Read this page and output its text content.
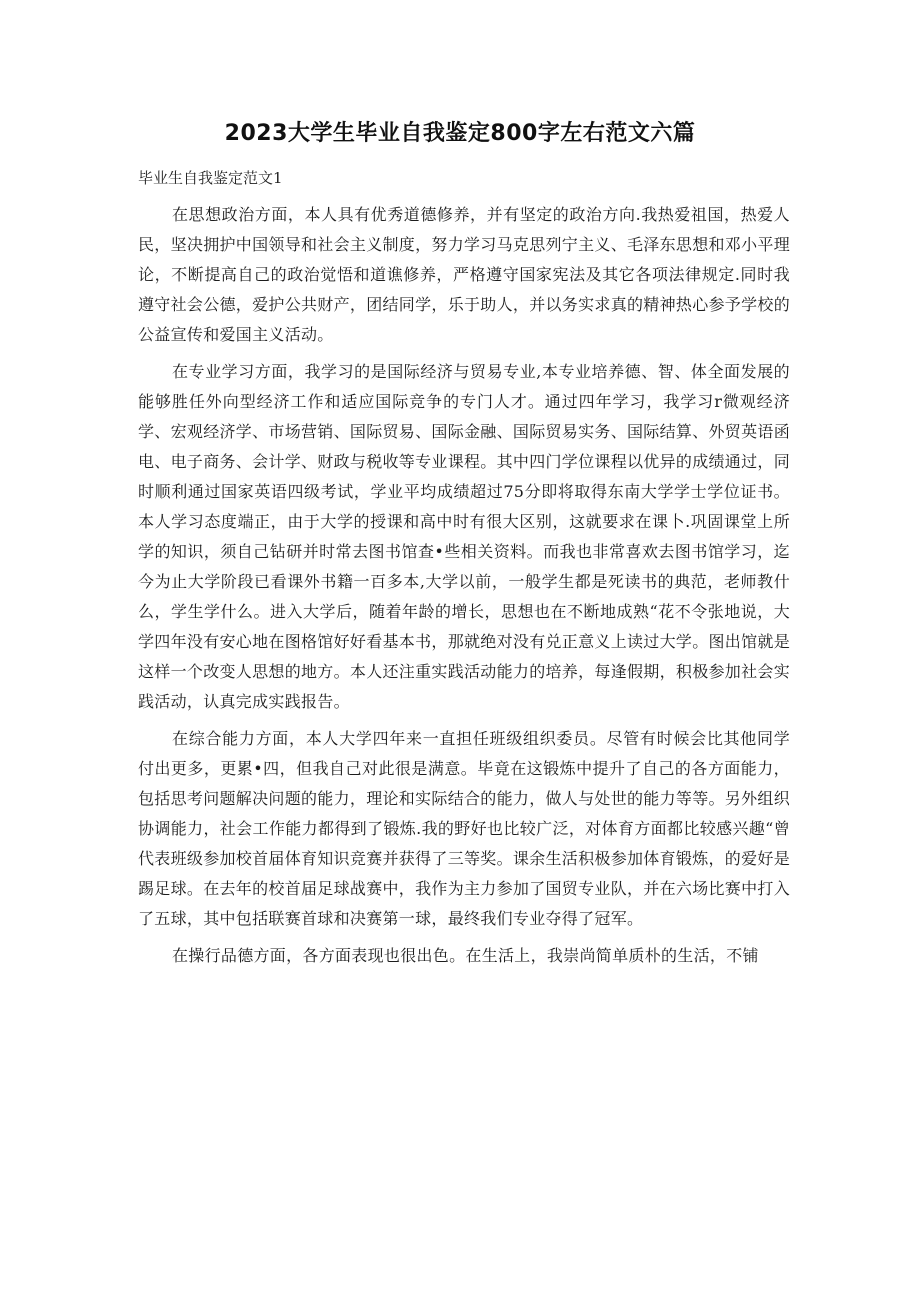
2023大学生毕业自我鉴定800字左右范文六篇
毕业生自我鉴定范文1

在思想政治方面，本人具有优秀道德修养，并有坚定的政治方向.我热爱祖国，热爱人民，坚决拥护中国领导和社会主义制度，努力学习马克思列宁主义、毛泽东思想和邓小平理论，不断提高自己的政治觉悟和道谯修养，严格遵守国家宪法及其它各项法律规定.同时我遵守社会公德，爱护公共财产，团结同学，乐于助人，并以务实求真的精神热心参予学校的公益宣传和爱国主义活动。

在专业学习方面，我学习的是国际经济与贸易专业,本专业培养德、智、体全面发展的能够胜任外向型经济工作和适应国际竞争的专门人才。通过四年学习，我学习r微观经济学、宏观经济学、市场营销、国际贸易、国际金融、国际贸易实务、国际结算、外贸英语函电、电子商务、会计学、财政与税收等专业课程。其中四门学位课程以优异的成绩通过，同时顺利通过国家英语四级考试，学业平均成绩超过75分即将取得东南大学学士学位证书。本人学习态度端正，由于大学的授课和高中时有很大区别，这就要求在课卜.巩固课堂上所学的知识，须自己钻研并时常去图书馆查•些相关资料。而我也非常喜欢去图书馆学习，迄今为止大学阶段已看课外书籍一百多本,大学以前，一般学生都是死读书的典范，老师教什么，学生学什么。进入大学后，随着年龄的增长，思想也在不断地成熟“花不令张地说，大学四年没有安心地在图格馆好好看基本书，那就绝对没有兑正意义上读过大学。图出馆就是这样一个改变人思想的地方。本人还注重实践活动能力的培养，每逢假期，积极参加社会实践活动，认真完成实践报告。

在综合能力方面，本人大学四年来一直担任班级组织委员。尽管有时候会比其他同学付出更多，更累•四，但我自己对此很是满意。毕竟在这锻炼中提升了自己的各方面能力，包括思考问题解决问题的能力，理论和实际结合的能力，做人与处世的能力等等。另外组织协调能力，社会工作能力都得到了锻炼.我的野好也比较广泛，对体育方面都比较感兴趣“曾代表班级参加校首届体育知识竞赛并获得了三等奖。课余生活积极参加体育锻炼，的爱好是踢足球。在去年的校首届足球战赛中，我作为主力参加了国贸专业队，并在六场比赛中打入了五球，其中包括联赛首球和决赛第一球，最终我们专业夺得了冠军。

在操行品德方面，各方面表现也很出色。在生活上，我崇尚简单质朴的生活，不铺
